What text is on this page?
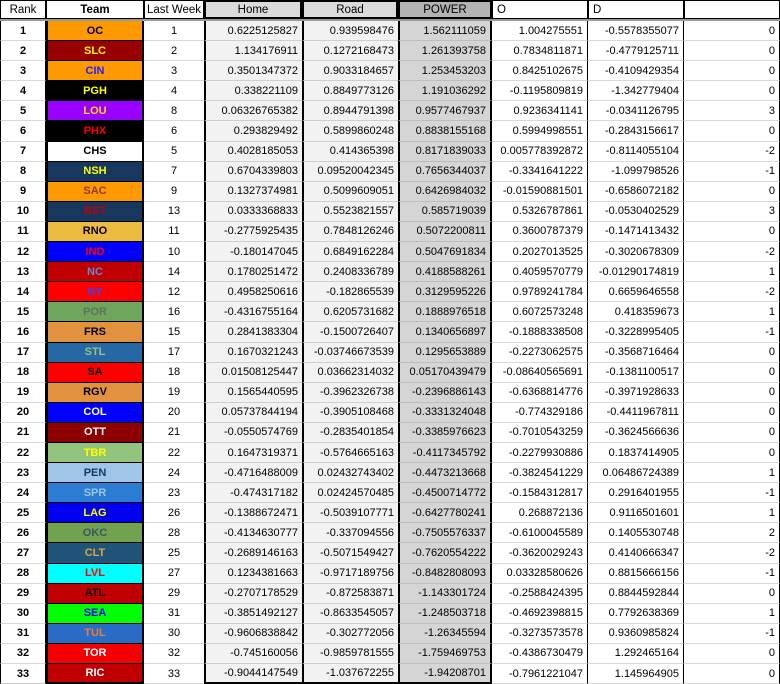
Rank	Team	Last Week	Home	Road	POWER	O	D
1	OC	1	0.6225125827	0.939598476	1.562111059	1.004275551	-0.5578355077	0
2	SLC	2	1.134176911	0.1272168473	1.261393758	0.7834811871	-0.4779125711	0
3	CIN	3	0.3501347372	0.9033184657	1.253453203	0.8425102675	-0.4109429354	0
4	PGH	4	0.338221109	0.8849773126	1.191036292	-0.1195809819	-1.342779404	0
5	LOU	8	0.06326765382	0.8944791398	0.9577467937	0.9236341141	-0.0341126795	3
6	PHX	6	0.293829492	0.5899860248	0.8838155168	0.5994998551	-0.2843156617	0
7	CHS	5	0.4028185053	0.414365398	0.8171839033	0.005778392872	-0.8114055104	-2
8	NSH	7	0.6704339803	0.09520042345	0.7656344037	-0.3341641222	-1.099798526	-1
9	SAC	9	0.1327374981	0.5099609051	0.6426984032	-0.01590881501	-0.6586072182	0
10	BST	13	0.0333368833	0.5523821557	0.585719039	0.5326787861	-0.0530402529	3
11	RNO	11	-0.2775925435	0.7848126246	0.5072200811	0.3600787379	-0.1471413432	0
12	IND	10	-0.180147045	0.6849162284	0.5047691834	0.2027013525	-0.3020678309	-2
13	NC	14	0.1780251472	0.2408336789	0.4188588261	0.4059570779	-0.01290174819	1
14	NY	12	0.4958250616	-0.182865539	0.3129595226	0.9789241784	0.6659646558	-2
15	POR	16	-0.4316755164	0.6205731682	0.1888976518	0.6072573248	0.418359673	1
16	FRS	15	0.2841383304	-0.1500726407	0.1340656897	-0.1888338508	-0.3228995405	-1
17	STL	17	0.1670321243	-0.03746673539	0.1295653889	-0.2273062575	-0.3568716464	0
18	SA	18	0.01508125447	0.03662314032	0.05170439479	-0.08640565691	-0.1381100517	0
19	RGV	19	0.1565440595	-0.3962326738	-0.2396886143	-0.6368814776	-0.3971928633	0
20	COL	20	0.05737844194	-0.3905108468	-0.3331324048	-0.774329186	-0.4411967811	0
21	OTT	21	-0.0550574769	-0.2835401854	-0.3385976623	-0.7010543259	-0.3624566636	0
22	TBR	22	0.1647319371	-0.5764665163	-0.4117345792	-0.2279930886	0.1837414905	0
23	PEN	24	-0.4716488009	0.02432743402	-0.4473213668	-0.3824541229	0.06486724389	1
24	SPR	23	-0.474317182	0.02424570485	-0.4500714772	-0.1584312817	0.2916401955	-1
25	LAG	26	-0.1388672471	-0.5039107771	-0.6427780241	0.268872136	0.9116501601	1
26	OKC	28	-0.4134630777	-0.337094556	-0.7505576337	-0.6100045589	0.1405530748	2
27	CLT	25	-0.2689146163	-0.5071549427	-0.7620554222	-0.3620029243	0.4140666347	-2
28	LVL	27	0.1234381663	-0.9717189756	-0.8482808093	0.03328580626	0.8815666156	-1
29	ATL	29	-0.2707178529	-0.872583871	-1.143301724	-0.2588424395	0.8844592844	0
30	SEA	31	-0.3851492127	-0.8633545057	-1.248503718	-0.4692398815	0.7792638369	1
31	TUL	30	-0.9606838842	-0.302772056	-1.26345594	-0.3273573578	0.9360985824	-1
32	TOR	32	-0.745160056	-0.9859781555	-1.759469753	-0.4386730479	1.292465164	0
33	RIC	33	-0.9044147549	-1.037672255	-1.94208701	-0.7961221047	1.145964905	0
